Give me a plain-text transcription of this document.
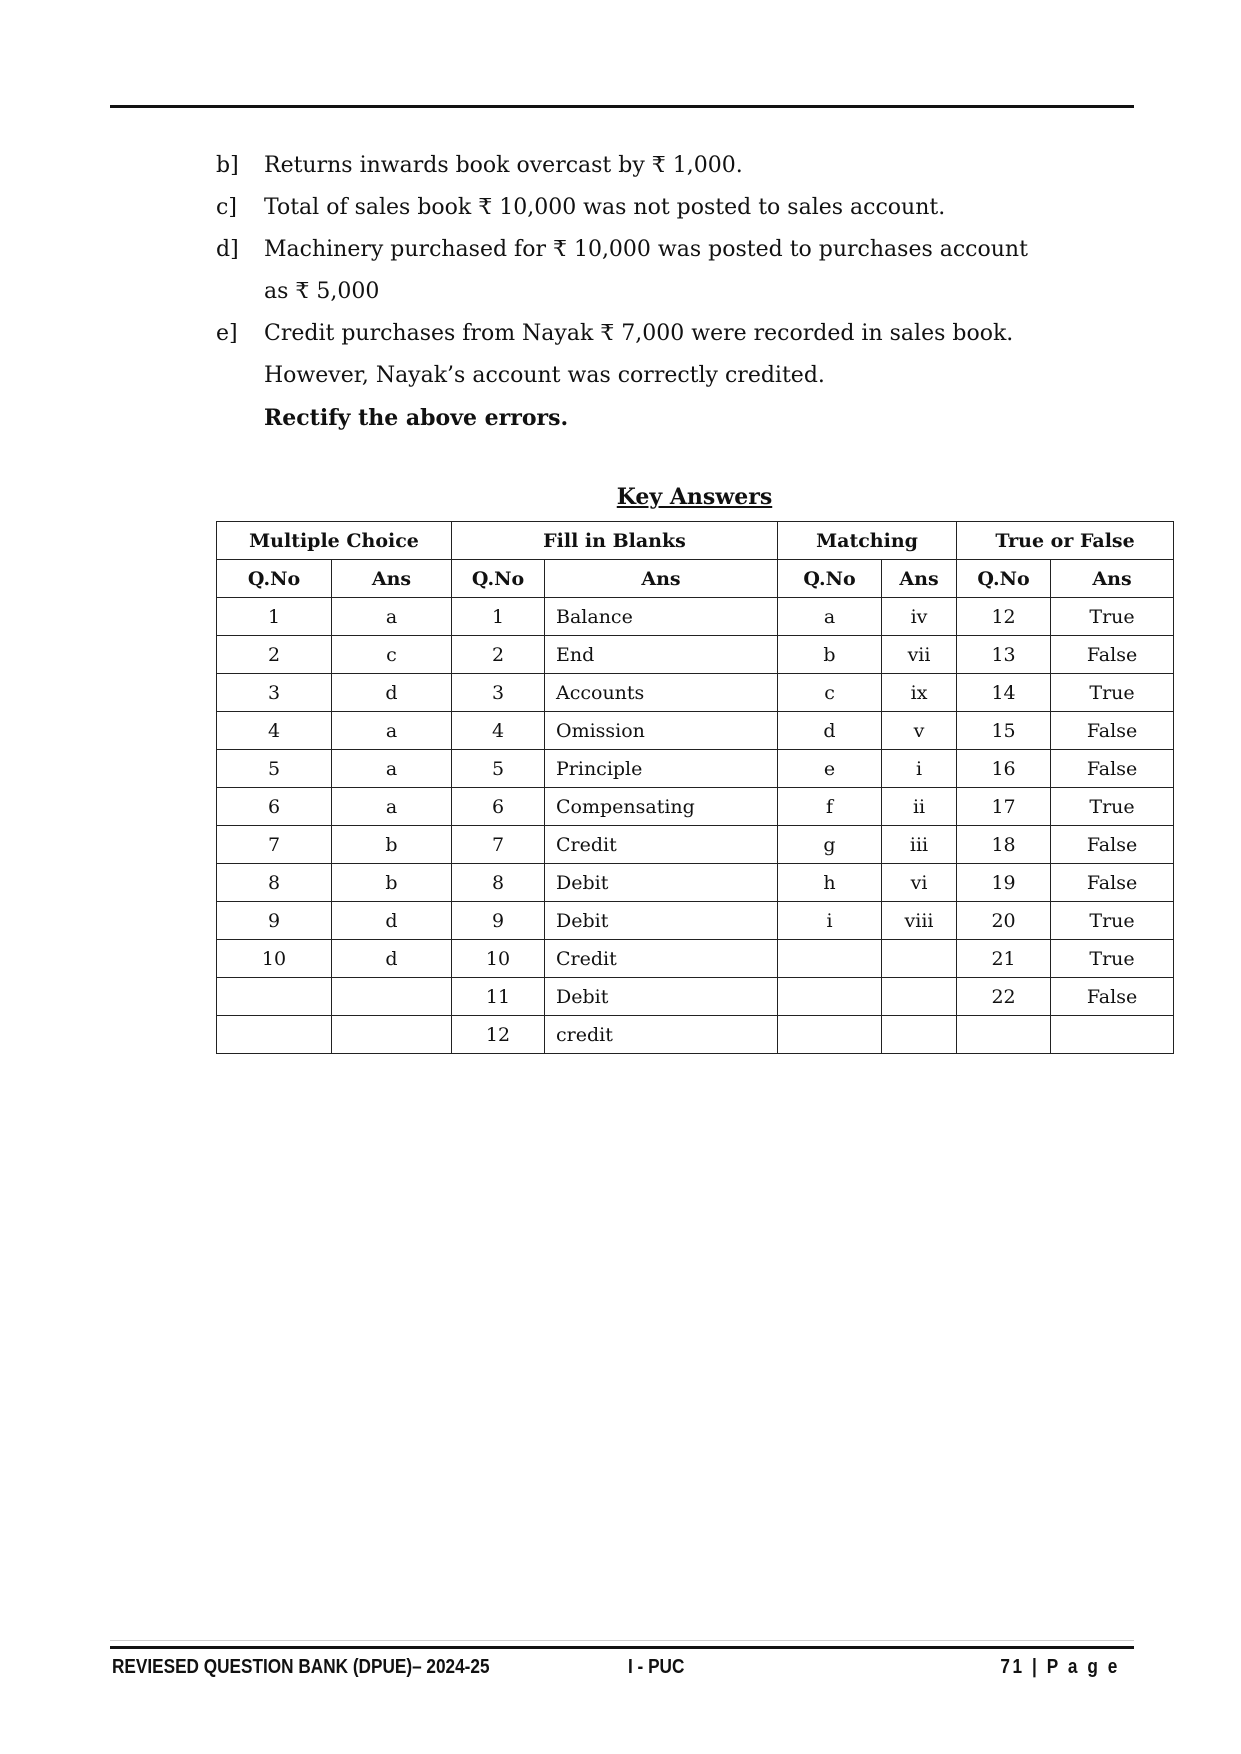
b]	Returns inwards book overcast by ₹ 1,000.
c]	Total of sales book ₹ 10,000 was not posted to sales account.
d]	Machinery purchased for ₹ 10,000 was posted to purchases account
as ₹ 5,000
e]	Credit purchases from Nayak ₹ 7,000 were recorded in sales book.
However, Nayak’s account was correctly credited.
Rectify the above errors.
Key Answers
Multiple Choice		Fill in Blanks		Matching		True or False	
Q.No	Ans	Q.No	Ans	Q.No	Ans	Q.No	Ans
1	a	1	Balance	a	iv	12	True
2	c	2	End	b	vii	13	False
3	d	3	Accounts	c	ix	14	True
4	a	4	Omission	d	v	15	False
5	a	5	Principle	e	i	16	False
6	a	6	Compensating	f	ii	17	True
7	b	7	Credit	g	iii	18	False
8	b	8	Debit	h	vi	19	False
9	d	9	Debit	i	viii	20	True
10	d	10	Credit			21	True
		11	Debit			22	False
		12	credit				
REVIESED QUESTION BANK (DPUE)– 2024-25	I - PUC	71 | P a g e
